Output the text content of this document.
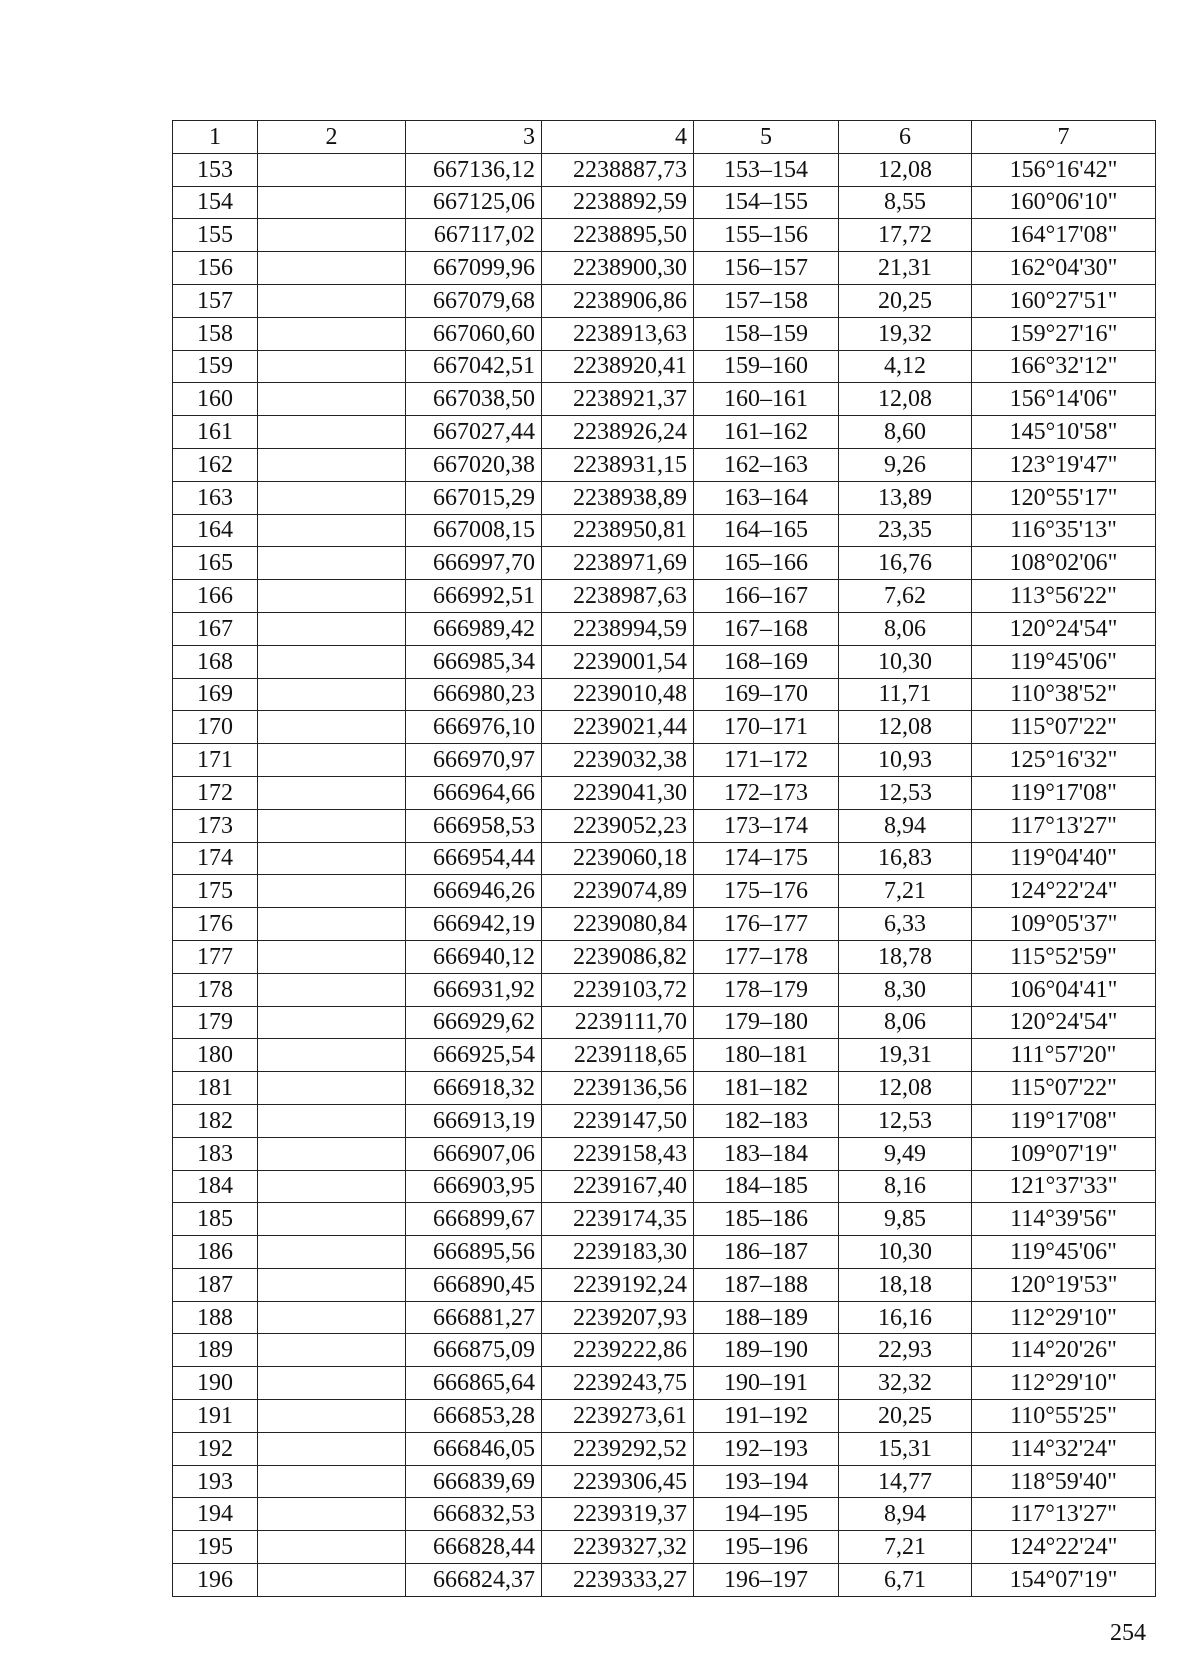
1	2	3	4	5	6	7
153		667136,12	2238887,73	153–154	12,08	156°16'42"
154		667125,06	2238892,59	154–155	8,55	160°06'10"
155		667117,02	2238895,50	155–156	17,72	164°17'08"
156		667099,96	2238900,30	156–157	21,31	162°04'30"
157		667079,68	2238906,86	157–158	20,25	160°27'51"
158		667060,60	2238913,63	158–159	19,32	159°27'16"
159		667042,51	2238920,41	159–160	4,12	166°32'12"
160		667038,50	2238921,37	160–161	12,08	156°14'06"
161		667027,44	2238926,24	161–162	8,60	145°10'58"
162		667020,38	2238931,15	162–163	9,26	123°19'47"
163		667015,29	2238938,89	163–164	13,89	120°55'17"
164		667008,15	2238950,81	164–165	23,35	116°35'13"
165		666997,70	2238971,69	165–166	16,76	108°02'06"
166		666992,51	2238987,63	166–167	7,62	113°56'22"
167		666989,42	2238994,59	167–168	8,06	120°24'54"
168		666985,34	2239001,54	168–169	10,30	119°45'06"
169		666980,23	2239010,48	169–170	11,71	110°38'52"
170		666976,10	2239021,44	170–171	12,08	115°07'22"
171		666970,97	2239032,38	171–172	10,93	125°16'32"
172		666964,66	2239041,30	172–173	12,53	119°17'08"
173		666958,53	2239052,23	173–174	8,94	117°13'27"
174		666954,44	2239060,18	174–175	16,83	119°04'40"
175		666946,26	2239074,89	175–176	7,21	124°22'24"
176		666942,19	2239080,84	176–177	6,33	109°05'37"
177		666940,12	2239086,82	177–178	18,78	115°52'59"
178		666931,92	2239103,72	178–179	8,30	106°04'41"
179		666929,62	2239111,70	179–180	8,06	120°24'54"
180		666925,54	2239118,65	180–181	19,31	111°57'20"
181		666918,32	2239136,56	181–182	12,08	115°07'22"
182		666913,19	2239147,50	182–183	12,53	119°17'08"
183		666907,06	2239158,43	183–184	9,49	109°07'19"
184		666903,95	2239167,40	184–185	8,16	121°37'33"
185		666899,67	2239174,35	185–186	9,85	114°39'56"
186		666895,56	2239183,30	186–187	10,30	119°45'06"
187		666890,45	2239192,24	187–188	18,18	120°19'53"
188		666881,27	2239207,93	188–189	16,16	112°29'10"
189		666875,09	2239222,86	189–190	22,93	114°20'26"
190		666865,64	2239243,75	190–191	32,32	112°29'10"
191		666853,28	2239273,61	191–192	20,25	110°55'25"
192		666846,05	2239292,52	192–193	15,31	114°32'24"
193		666839,69	2239306,45	193–194	14,77	118°59'40"
194		666832,53	2239319,37	194–195	8,94	117°13'27"
195		666828,44	2239327,32	195–196	7,21	124°22'24"
196		666824,37	2239333,27	196–197	6,71	154°07'19"
254
